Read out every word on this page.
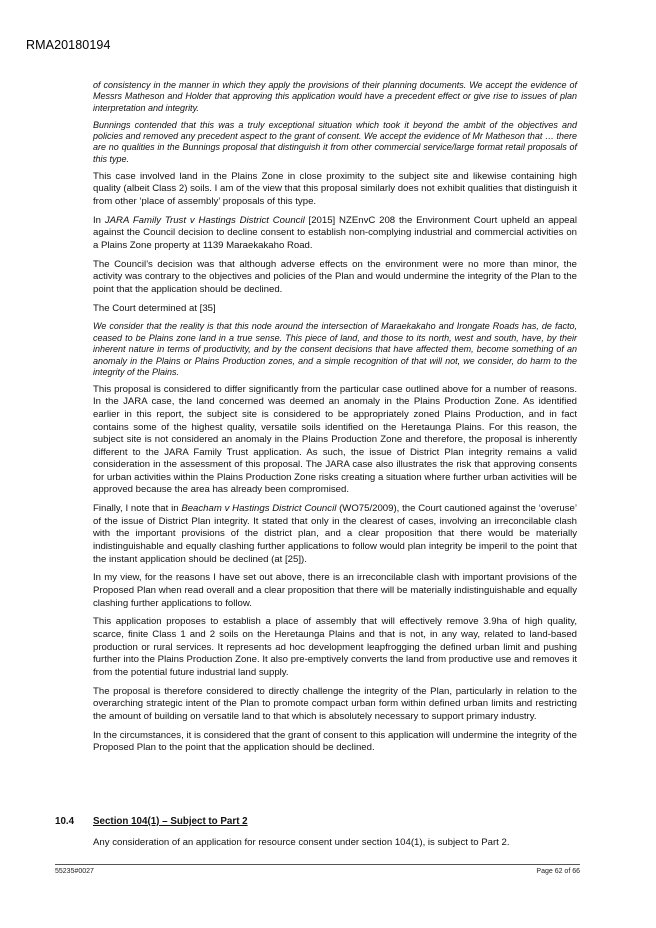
RMA20180194

of consistency in the manner in which they apply the provisions of their planning documents. We accept the evidence of Messrs Matheson and Holder that approving this application would have a precedent effect or give rise to issues of plan interpretation and integrity.

Bunnings contended that this was a truly exceptional situation which took it beyond the ambit of the objectives and policies and removed any precedent aspect to the grant of consent. We accept the evidence of Mr Matheson that … there are no qualities in the Bunnings proposal that distinguish it from other commercial service/large format retail proposals of this type.

This case involved land in the Plains Zone in close proximity to the subject site and likewise containing high quality (albeit Class 2) soils. I am of the view that this proposal similarly does not exhibit qualities that distinguish it from other ‘place of assembly’ proposals of this type.

In JARA Family Trust v Hastings District Council [2015] NZEnvC 208 the Environment Court upheld an appeal against the Council decision to decline consent to establish non-complying industrial and commercial activities on a Plains Zone property at 1139 Maraekakaho Road.

The Council’s decision was that although adverse effects on the environment were no more than minor, the activity was contrary to the objectives and policies of the Plan and would undermine the integrity of the Plan to the point that the application should be declined.

The Court determined at [35]

We consider that the reality is that this node around the intersection of Maraekakaho and Irongate Roads has, de facto, ceased to be Plains zone land in a true sense. This piece of land, and those to its north, west and south, have, by their inherent nature in terms of productivity, and by the consent decisions that have affected them, become something of an anomaly in the Plains or Plains Production zones, and a simple recognition of that will not, we consider, do harm to the integrity of the Plains.

This proposal is considered to differ significantly from the particular case outlined above for a number of reasons. In the JARA case, the land concerned was deemed an anomaly in the Plains Production Zone. As identified earlier in this report, the subject site is considered to be appropriately zoned Plains Production, and in fact contains some of the highest quality, versatile soils identified on the Heretaunga Plains. For this reason, the subject site is not considered an anomaly in the Plains Production Zone and therefore, the proposal is inherently different to the JARA Family Trust application. As such, the issue of District Plan integrity remains a valid consideration in the assessment of this proposal. The JARA case also illustrates the risk that approving consents for urban activities within the Plains Production Zone risks creating a situation where further urban activities will be approved because the area has already been compromised.

Finally, I note that in Beacham v Hastings District Council (WO75/2009), the Court cautioned against the ‘overuse’ of the issue of District Plan integrity. It stated that only in the clearest of cases, involving an irreconcilable clash with the important provisions of the district plan, and a clear proposition that there would be materially indistinguishable and equally clashing further applications to follow would plan integrity be imperil to the point that the instant application should be declined (at [25]).

In my view, for the reasons I have set out above, there is an irreconcilable clash with important provisions of the Proposed Plan when read overall and a clear proposition that there will be materially indistinguishable and equally clashing further applications to follow.

This application proposes to establish a place of assembly that will effectively remove 3.9ha of high quality, scarce, finite Class 1 and 2 soils on the Heretaunga Plains and that is not, in any way, related to land-based production or rural services. It represents ad hoc development leapfrogging the defined urban limit and pushing further into the Plains Production Zone. It also pre-emptively converts the land from productive use and removes it from the potential future industrial land supply.

The proposal is therefore considered to directly challenge the integrity of the Plan, particularly in relation to the overarching strategic intent of the Plan to promote compact urban form within defined urban limits and restricting the amount of building on versatile land to that which is absolutely necessary to support primary industry.

In the circumstances, it is considered that the grant of consent to this application will undermine the integrity of the Proposed Plan to the point that the application should be declined.

10.4 Section 104(1) – Subject to Part 2
Any consideration of an application for resource consent under section 104(1), is subject to Part 2.
55235#0027	Page 62 of 66
